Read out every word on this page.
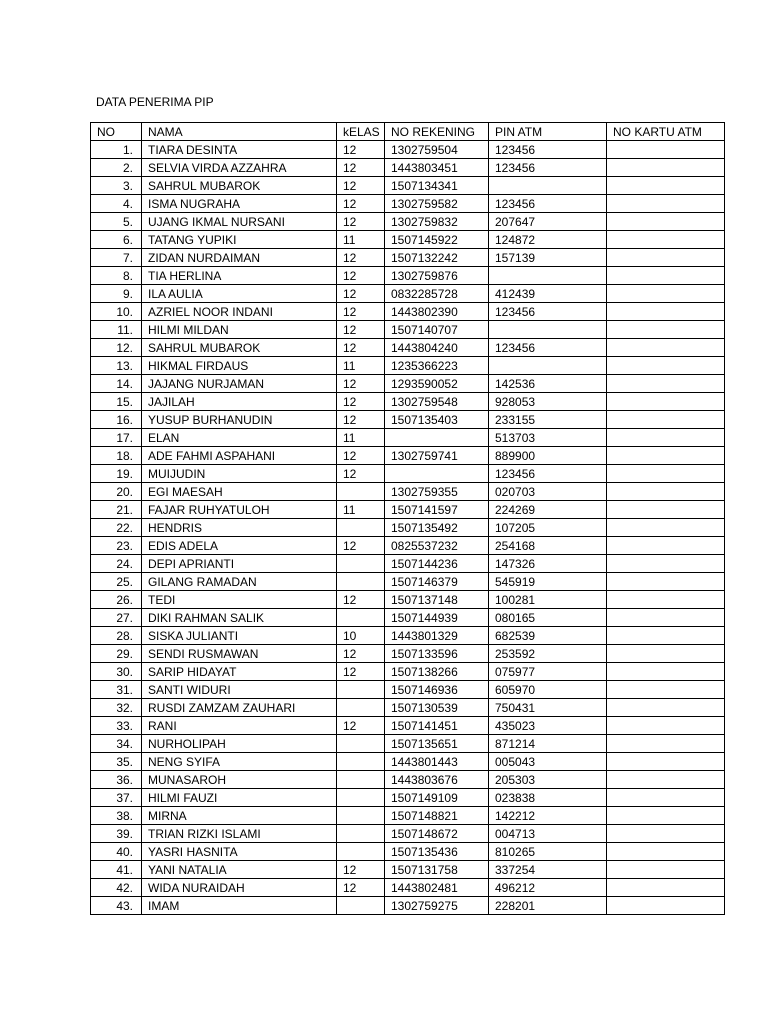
DATA PENERIMA PIP
NO	NAMA	kELAS	NO REKENING	PIN ATM	NO KARTU ATM
1.	TIARA DESINTA	12	1302759504	123456	
2.	SELVIA VIRDA AZZAHRA	12	1443803451	123456	
3.	SAHRUL MUBAROK	12	1507134341		
4.	ISMA NUGRAHA	12	1302759582	123456	
5.	UJANG IKMAL NURSANI	12	1302759832	207647	
6.	TATANG YUPIKI	11	1507145922	124872	
7.	ZIDAN NURDAIMAN	12	1507132242	157139	
8.	TIA HERLINA	12	1302759876		
9.	ILA AULIA	12	0832285728	412439	
10.	AZRIEL NOOR INDANI	12	1443802390	123456	
11.	HILMI MILDAN	12	1507140707		
12.	SAHRUL MUBAROK	12	1443804240	123456	
13.	HIKMAL FIRDAUS	11	1235366223		
14.	JAJANG NURJAMAN	12	1293590052	142536	
15.	JAJILAH	12	1302759548	928053	
16.	YUSUP BURHANUDIN	12	1507135403	233155	
17.	ELAN	11		513703	
18.	ADE FAHMI ASPAHANI	12	1302759741	889900	
19.	MUIJUDIN	12		123456	
20.	EGI MAESAH		1302759355	020703	
21.	FAJAR RUHYATULOH	11	1507141597	224269	
22.	HENDRIS		1507135492	107205	
23.	EDIS ADELA	12	0825537232	254168	
24.	DEPI APRIANTI		1507144236	147326	
25.	GILANG RAMADAN		1507146379	545919	
26.	TEDI	12	1507137148	100281	
27.	DIKI RAHMAN SALIK		1507144939	080165	
28.	SISKA JULIANTI	10	1443801329	682539	
29.	SENDI RUSMAWAN	12	1507133596	253592	
30.	SARIP HIDAYAT	12	1507138266	075977	
31.	SANTI WIDURI		1507146936	605970	
32.	RUSDI ZAMZAM ZAUHARI		1507130539	750431	
33.	RANI	12	1507141451	435023	
34.	NURHOLIPAH		1507135651	871214	
35.	NENG SYIFA		1443801443	005043	
36.	MUNASAROH		1443803676	205303	
37.	HILMI FAUZI		1507149109	023838	
38.	MIRNA		1507148821	142212	
39.	TRIAN RIZKI ISLAMI		1507148672	004713	
40.	YASRI HASNITA		1507135436	810265	
41.	YANI NATALIA	12	1507131758	337254	
42.	WIDA NURAIDAH	12	1443802481	496212	
43.	IMAM		1302759275	228201	
